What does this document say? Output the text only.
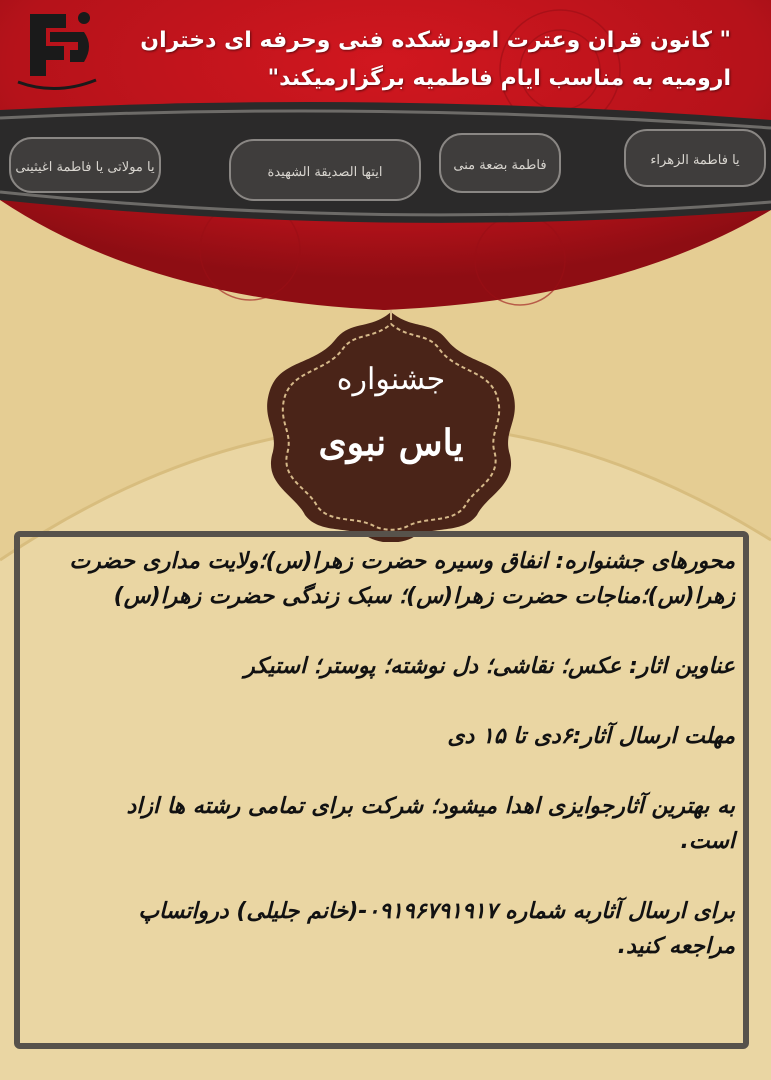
" کانون قران وعترت اموزشکده فنی وحرفه ای دختران ارومیه به مناسب ایام فاطمیه برگزارمیکند"
یا مولاتی یا فاطمة اغیثینی	ایتها الصدیقة الشهیدة	فاطمة بضعة منی	یا فاطمة الزهراء
جشنواره
یاس نبوی

محورهای جشنواره: انفاق وسیره حضرت زهرا(س)؛ولایت مداری حضرت زهرا(س)؛مناجات حضرت زهرا(س)؛ سبک زندگی حضرت زهرا(س)

عناوین اثار: عکس؛ نقاشی؛ دل نوشته؛ پوستر؛ استیکر

مهلت ارسال آثار:۶دی تا ۱۵ دی

به بهترین آثارجوایزی اهدا میشود؛ شرکت برای تمامی رشته ها ازاد است.

برای ارسال آثاربه شماره ۰۹۱۹۶۷۹۱۹۱۷-(خانم جلیلی) درواتساپ مراجعه کنید.
